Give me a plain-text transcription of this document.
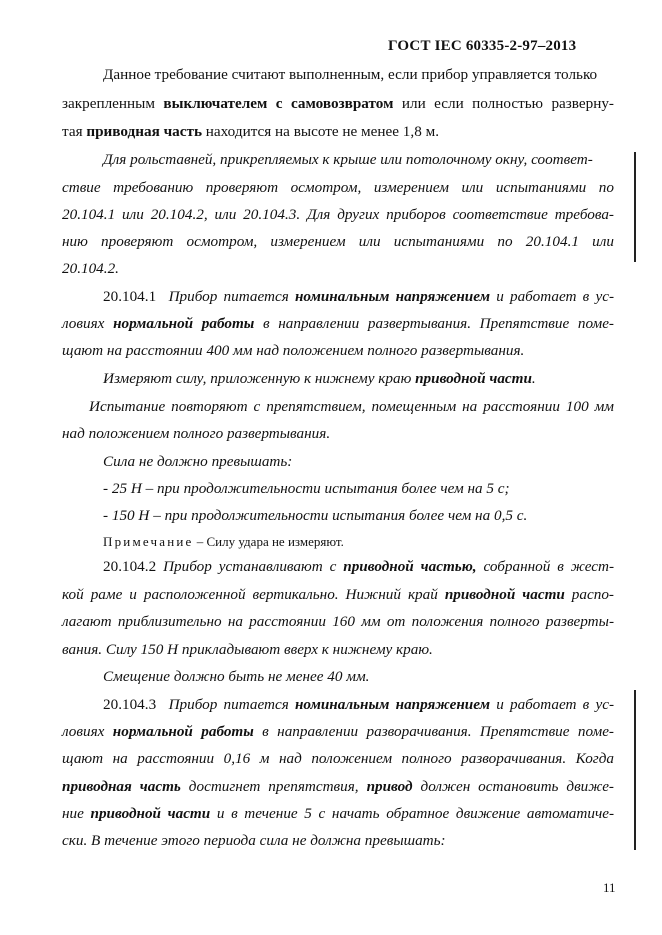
ГОСТ IEC 60335-2-97–2013
Данное требование считают выполненным, если прибор управляется только
закрепленным выключателем с самовозвратом или если полностью разверну-
тая приводная часть находится на высоте не менее 1,8 м.
Для рольставней, прикрепляемых к крыше или потолочному окну, соответ-
ствие требованию проверяют осмотром, измерением или испытаниями по
20.104.1 или 20.104.2, или 20.104.3. Для других приборов соответствие требова-
нию проверяют осмотром, измерением или испытаниями по 20.104.1 или
20.104.2.
20.104.1 Прибор питается номинальным напряжением и работает в ус-
ловиях нормальной работы в направлении развертывания. Препятствие поме-
щают на расстоянии 400 мм над положением полного развертывания.
Измеряют силу, приложенную к нижнему краю приводной части.
Испытание повторяют с препятствием, помещенным на расстоянии 100 мм
над положением полного развертывания.
Сила не должно превышать:
- 25 Н – при продолжительности испытания более чем на 5 с;
- 150 Н – при продолжительности испытания более чем на 0,5 с.
Примечание – Силу удара не измеряют.
20.104.2 Прибор устанавливают с приводной частью, собранной в жест-
кой раме и расположенной вертикально. Нижний край приводной части распо-
лагают приблизительно на расстоянии 160 мм от положения полного разверты-
вания. Силу 150 Н прикладывают вверх к нижнему краю.
Смещение должно быть не менее 40 мм.
20.104.3 Прибор питается номинальным напряжением и работает в ус-
ловиях нормальной работы в направлении разворачивания. Препятствие поме-
щают на расстоянии 0,16 м над положением полного разворачивания. Когда
приводная часть достигнет препятствия, привод должен остановить движе-
ние приводной части и в течение 5 с начать обратное движение автоматиче-
ски. В течение этого периода сила не должна превышать:
11
